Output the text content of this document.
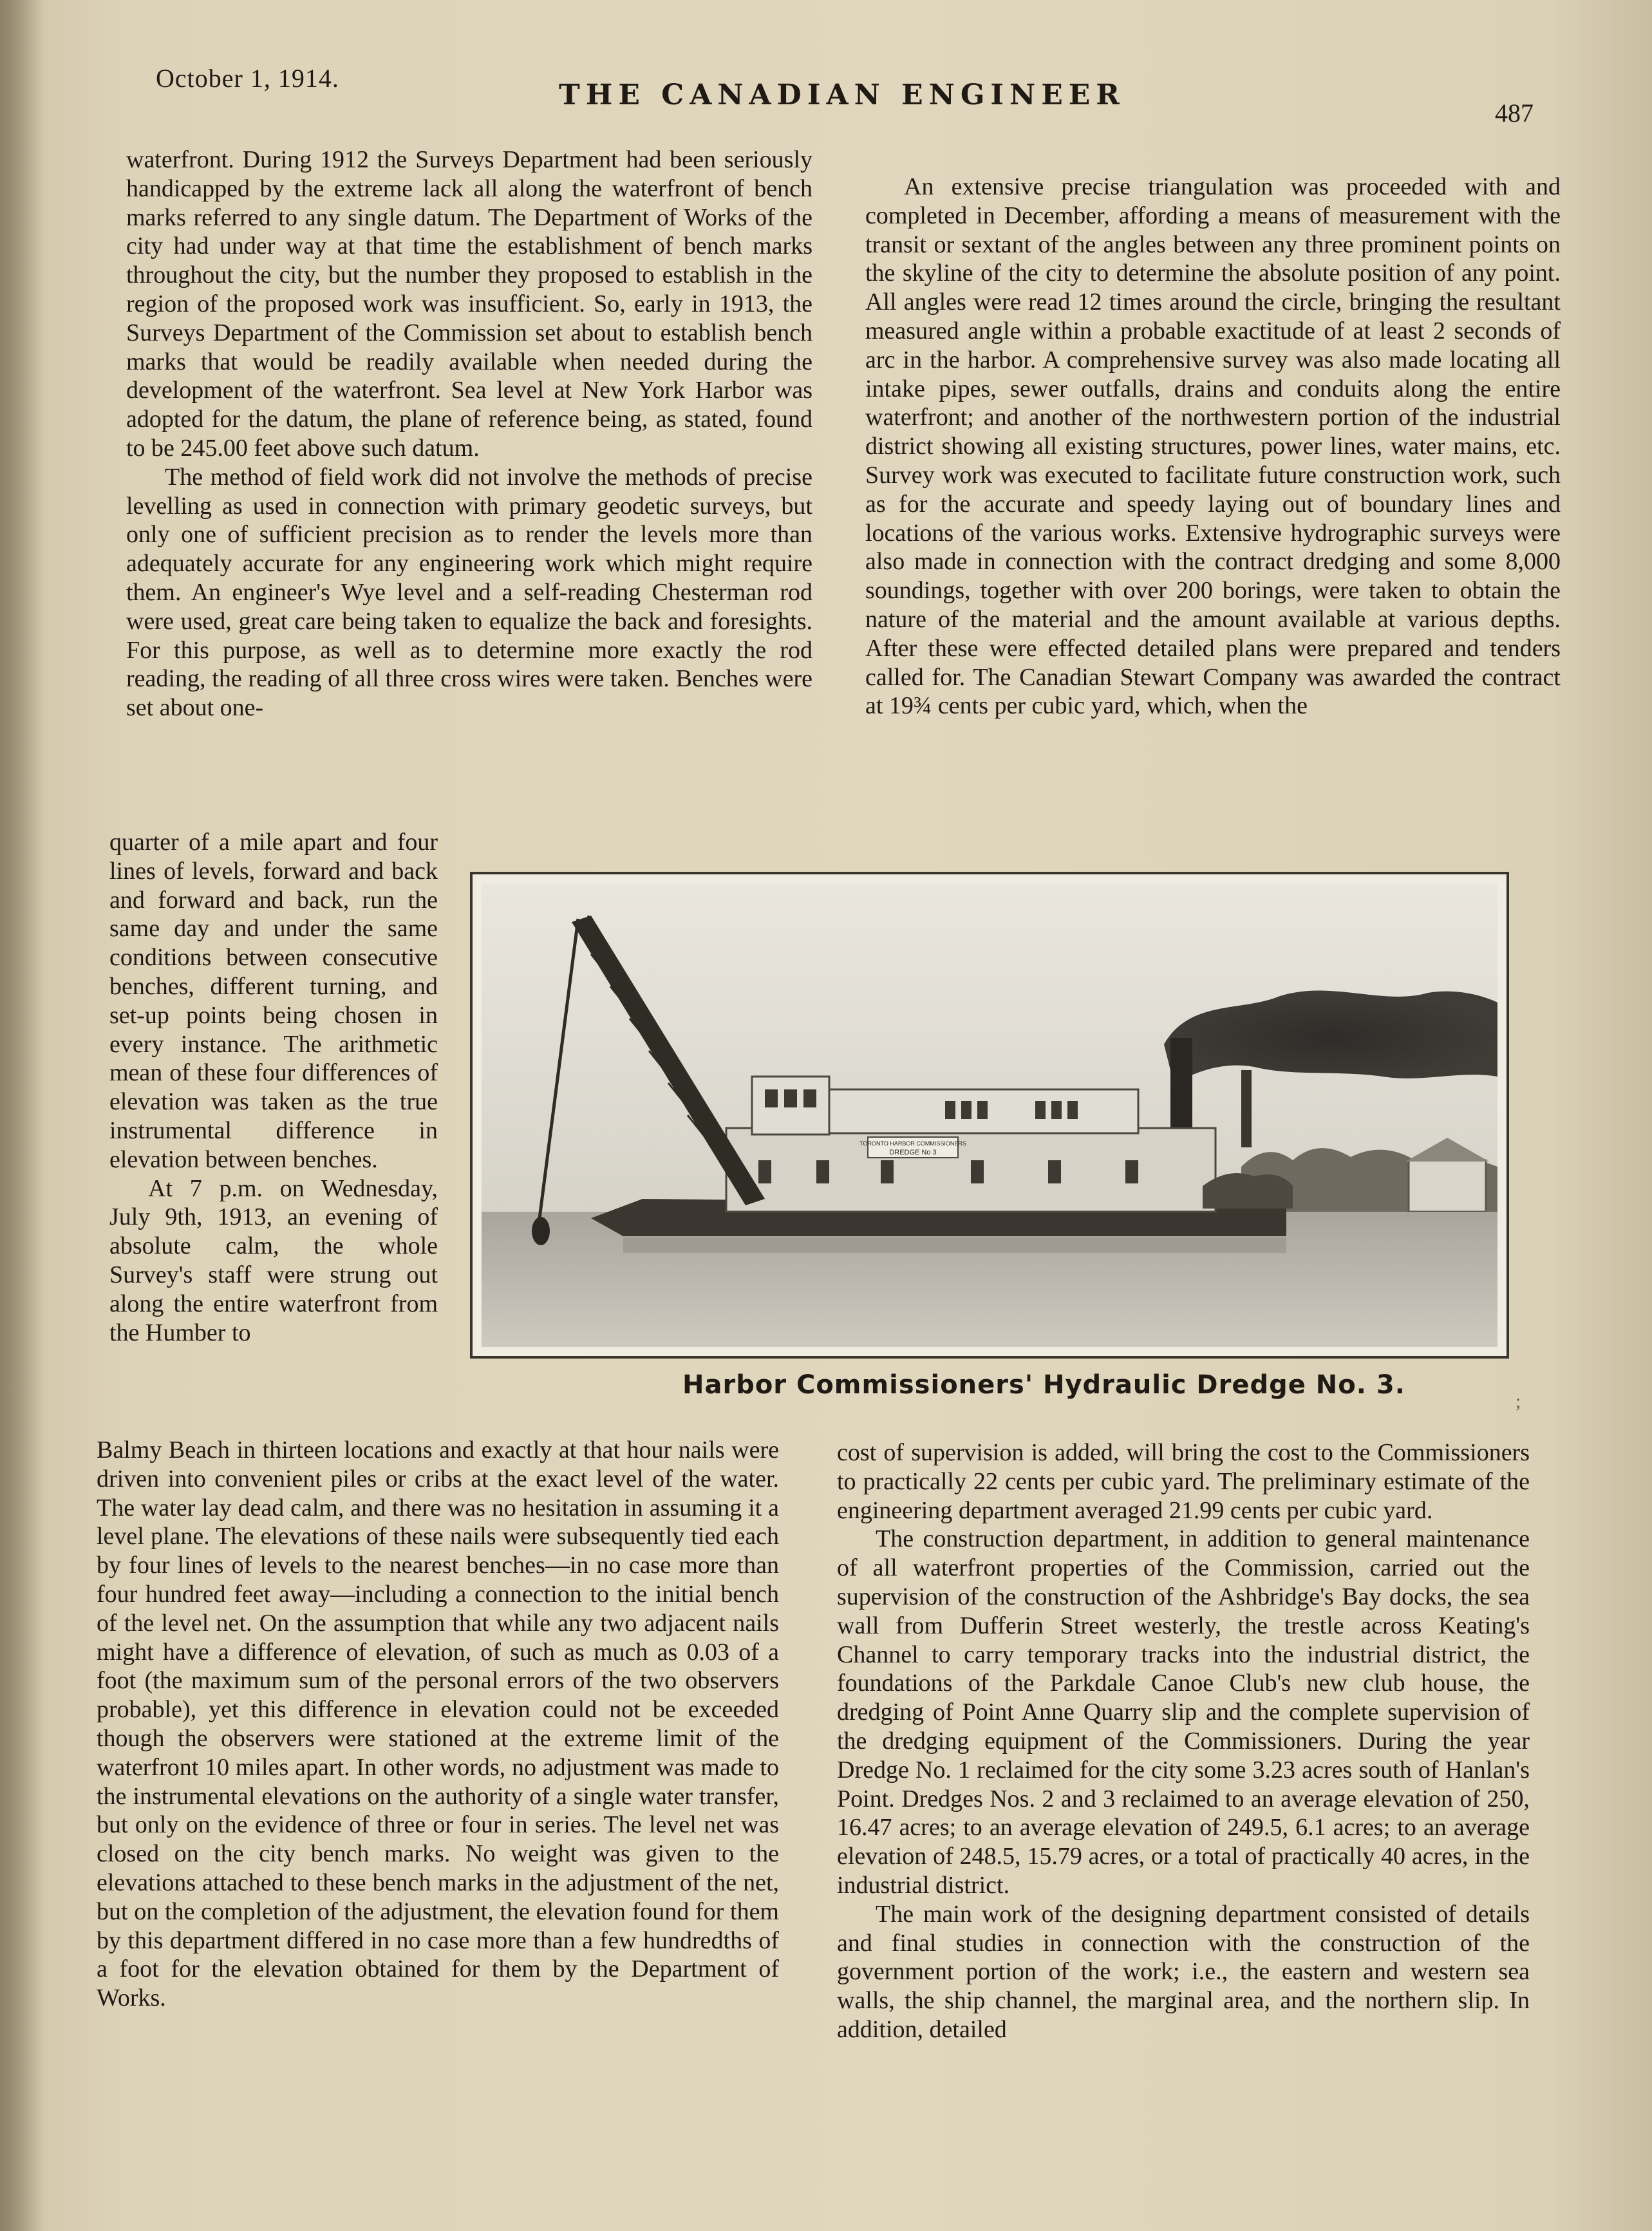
October 1, 1914.
THE CANADIAN ENGINEER
487

waterfront. During 1912 the Surveys Department had been seriously handicapped by the extreme lack all along the waterfront of bench marks referred to any single datum. The Department of Works of the city had under way at that time the establishment of bench marks throughout the city, but the number they proposed to establish in the region of the proposed work was insufficient. So, early in 1913, the Surveys Department of the Commission set about to establish bench marks that would be readily available when needed during the development of the waterfront. Sea level at New York Harbor was adopted for the datum, the plane of reference being, as stated, found to be 245.00 feet above such datum.

The method of field work did not involve the methods of precise levelling as used in connection with primary geodetic surveys, but only one of sufficient precision as to render the levels more than adequately accurate for any engineering work which might require them. An engineer's Wye level and a self-reading Chesterman rod were used, great care being taken to equalize the back and foresights. For this purpose, as well as to determine more exactly the rod reading, the reading of all three cross wires were taken. Benches were set about one-

quarter of a mile apart and four lines of levels, forward and back and forward and back, run the same day and under the same conditions between consecutive benches, different turning, and set-up points being chosen in every instance. The arithmetic mean of these four differences of elevation was taken as the true instrumental difference in elevation between benches.

At 7 p.m. on Wednesday, July 9th, 1913, an evening of absolute calm, the whole Survey's staff were strung out along the entire waterfront from the Humber to

Balmy Beach in thirteen locations and exactly at that hour nails were driven into convenient piles or cribs at the exact level of the water. The water lay dead calm, and there was no hesitation in assuming it a level plane. The elevations of these nails were subsequently tied each by four lines of levels to the nearest benches—in no case more than four hundred feet away—including a connection to the initial bench of the level net. On the assumption that while any two adjacent nails might have a difference of elevation, of such as much as 0.03 of a foot (the maximum sum of the personal errors of the two observers probable), yet this difference in elevation could not be exceeded though the observers were stationed at the extreme limit of the waterfront 10 miles apart. In other words, no adjustment was made to the instrumental elevations on the authority of a single water transfer, but only on the evidence of three or four in series. The level net was closed on the city bench marks. No weight was given to the elevations attached to these bench marks in the adjustment of the net, but on the completion of the adjustment, the elevation found for them by this department differed in no case more than a few hundredths of a foot for the elevation obtained for them by the Department of Works.

An extensive precise triangulation was proceeded with and completed in December, affording a means of measurement with the transit or sextant of the angles between any three prominent points on the skyline of the city to determine the absolute position of any point. All angles were read 12 times around the circle, bringing the resultant measured angle within a probable exactitude of at least 2 seconds of arc in the harbor. A comprehensive survey was also made locating all intake pipes, sewer outfalls, drains and conduits along the entire waterfront; and another of the northwestern portion of the industrial district showing all existing structures, power lines, water mains, etc. Survey work was executed to facilitate future construction work, such as for the accurate and speedy laying out of boundary lines and locations of the various works. Extensive hydrographic surveys were also made in connection with the contract dredging and some 8,000 soundings, together with over 200 borings, were taken to obtain the nature of the material and the amount available at various depths. After these were effected detailed plans were prepared and tenders called for. The Canadian Stewart Company was awarded the contract at 19¾ cents per cubic yard, which, when the

cost of supervision is added, will bring the cost to the Commissioners to practically 22 cents per cubic yard. The preliminary estimate of the engineering department averaged 21.99 cents per cubic yard.

The construction department, in addition to general maintenance of all waterfront properties of the Commission, carried out the supervision of the construction of the Ashbridge's Bay docks, the sea wall from Dufferin Street westerly, the trestle across Keating's Channel to carry temporary tracks into the industrial district, the foundations of the Parkdale Canoe Club's new club house, the dredging of Point Anne Quarry slip and the complete supervision of the dredging equipment of the Commissioners. During the year Dredge No. 1 reclaimed for the city some 3.23 acres south of Hanlan's Point. Dredges Nos. 2 and 3 reclaimed to an average elevation of 250, 16.47 acres; to an average elevation of 249.5, 6.1 acres; to an average elevation of 248.5, 15.79 acres, or a total of practically 40 acres, in the industrial district.

The main work of the designing department consisted of details and final studies in connection with the construction of the government portion of the work; i.e., the eastern and western sea walls, the ship channel, the marginal area, and the northern slip. In addition, detailed

TORONTO HARBOR COMMISSIONERS
DREDGE No 3
Harbor Commissioners' Hydraulic Dredge No. 3.
;
